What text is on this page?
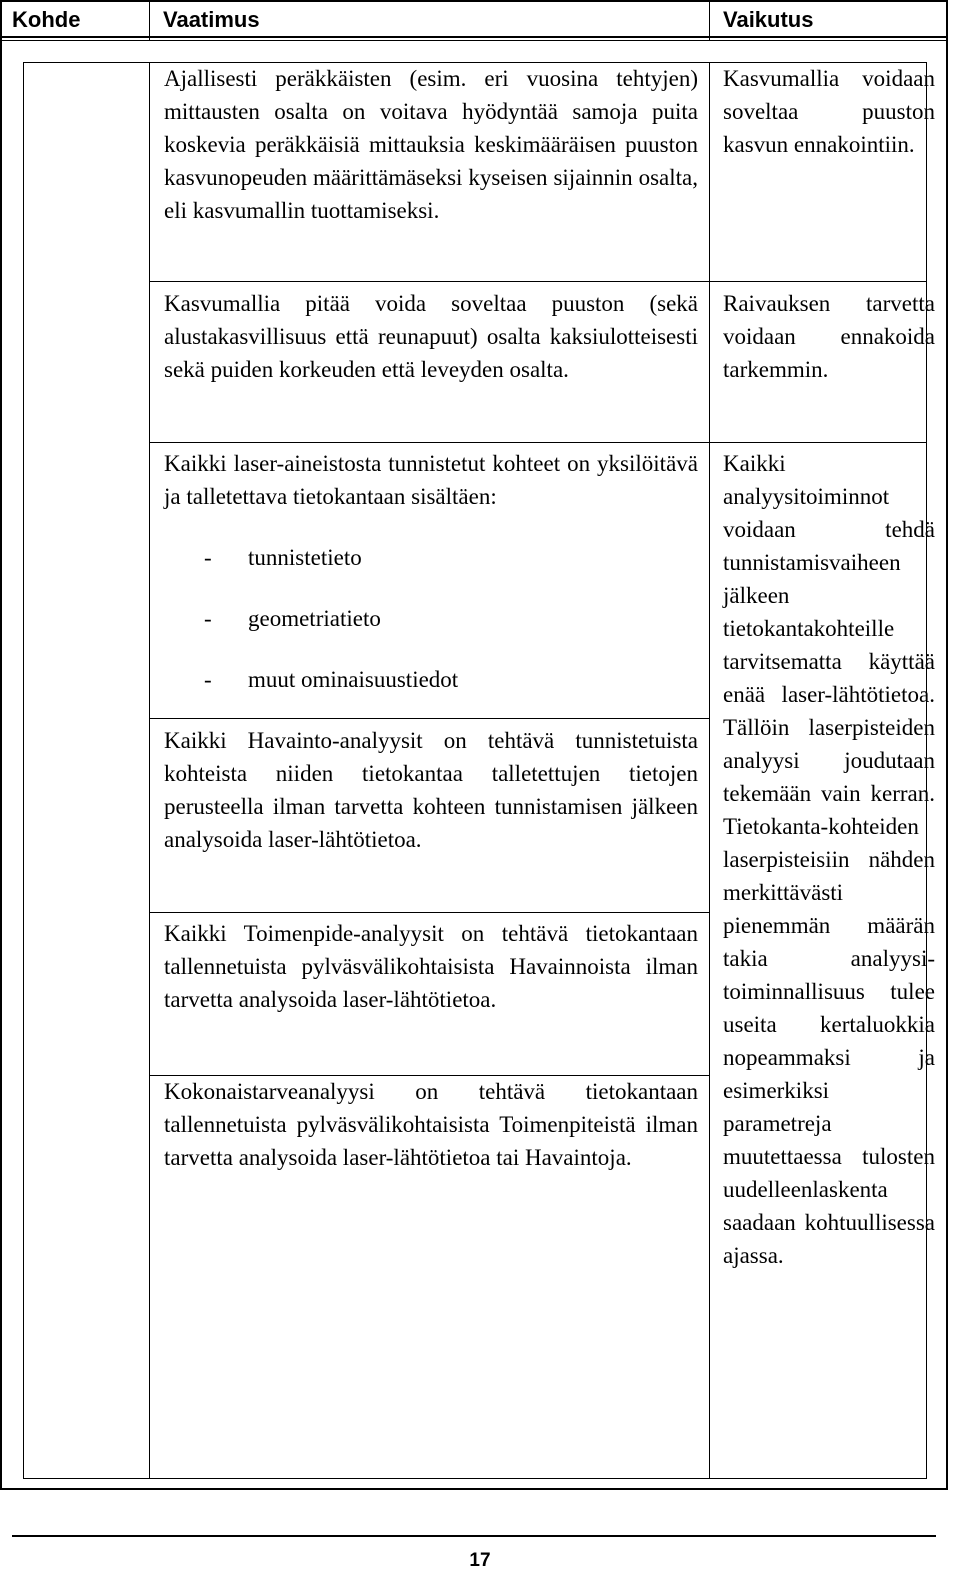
Kohde	Vaatimus	Vaikutus
Ajallisesti peräkkäisten (esim. eri vuosina tehtyjen) mittausten osalta on voitava hyödyntää samoja puita koskevia peräkkäisiä mittauksia keskimääräisen puuston kasvunopeuden määrittämäseksi kyseisen sijainnin osalta, eli kasvumallin tuottamiseksi.
Kasvumallia voidaan soveltaa puuston kasvun ennakointiin.
Kasvumallia pitää voida soveltaa puuston (sekä alustakasvillisuus että reunapuut) osalta kaksiulotteisesti sekä puiden korkeuden että leveyden osalta.
Raivauksen tarvetta voidaan ennakoida tarkemmin.
Kaikki laser-aineistosta tunnistetut kohteet on yksilöitävä ja talletettava tietokantaan sisältäen:
- tunnistetieto
- geometriatieto
- muut ominaisuustiedot
Kaikki Havainto-analyysit on tehtävä tunnistetuista kohteista niiden tietokantaa talletettujen tietojen perusteella ilman tarvetta kohteen tunnistamisen jälkeen analysoida laser-lähtötietoa.
Kaikki Toimenpide-analyysit on tehtävä tietokantaan tallennetuista pylväsvälikohtaisista Havainnoista ilman tarvetta analysoida laser-lähtötietoa.
Kokonaistarveanalyysi on tehtävä tietokantaan tallennetuista pylväsvälikohtaisista Toimenpiteistä ilman tarvetta analysoida laser-lähtötietoa tai Havaintoja.
Kaikki analyysitoiminnot voidaan tehdä tunnistamisvaiheen jälkeen tietokantakohteille tarvitsematta käyttää enää laser-lähtötietoa. Tällöin laserpisteiden analyysi joudutaan tekemään vain kerran. Tietokanta-kohteiden laserpisteisiin nähden merkittävästi pienemmän määrän takia analyysi-toiminnallisuus tulee useita kertaluokkia nopeammaksi ja esimerkiksi parametreja muutettaessa tulosten uudelleenlaskenta saadaan kohtuullisessa ajassa.
17
